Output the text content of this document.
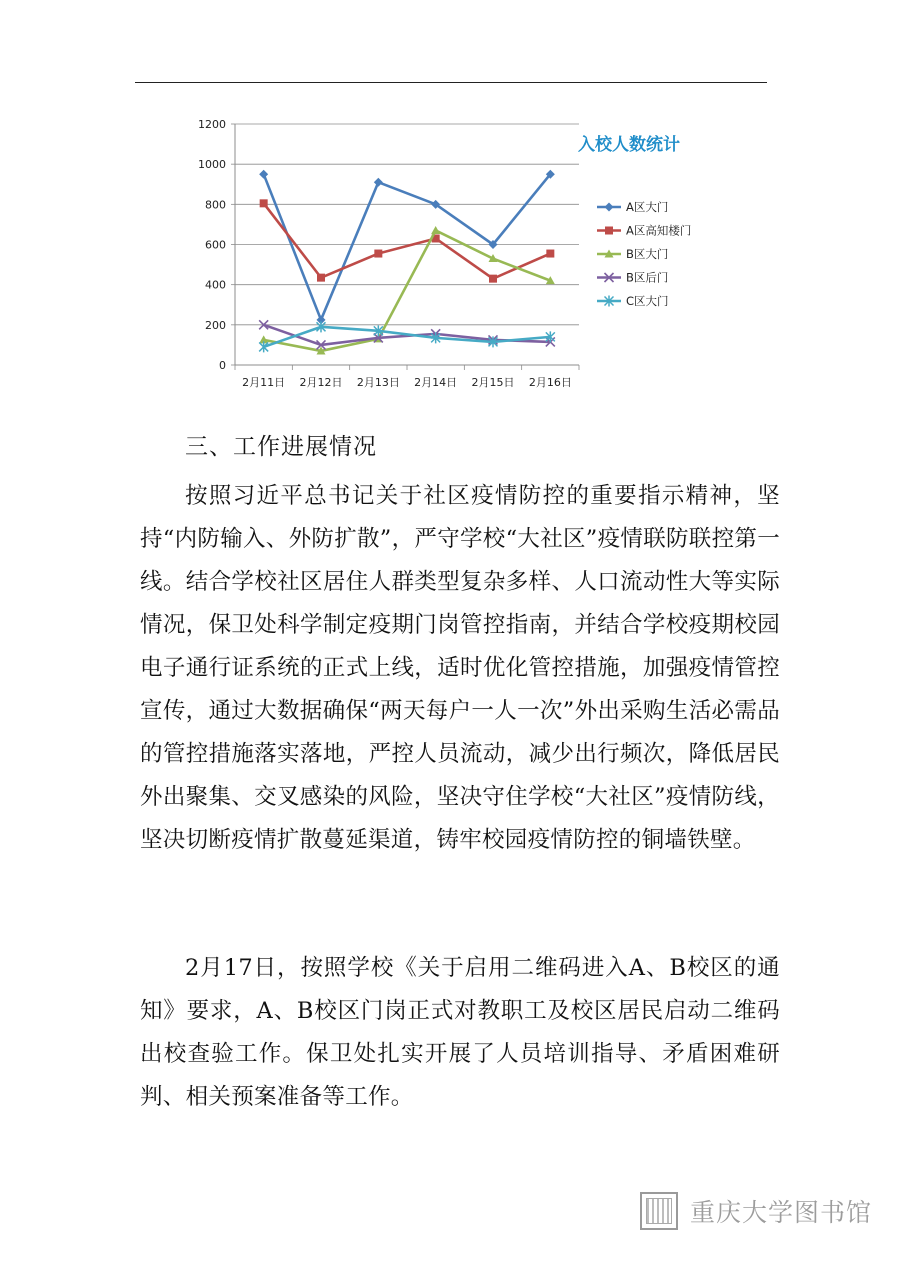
0
200
400
600
800
1000
1200
2月11日 2月12日 2月13日 2月14日 2月15日 2月16日
入校人数统计
A区大门
A区高知楼门
B区大门
B区后门
C区大门
三、工作进展情况

按照习近平总书记关于社区疫情防控的重要指示精神，坚持“内防输入、外防扩散”，严守学校“大社区”疫情联防联控第一线。结合学校社区居住人群类型复杂多样、人口流动性大等实际情况，保卫处科学制定疫期门岗管控指南，并结合学校疫期校园电子通行证系统的正式上线，适时优化管控措施，加强疫情管控宣传，通过大数据确保“两天每户一人一次”外出采购生活必需品的管控措施落实落地，严控人员流动，减少出行频次，降低居民外出聚集、交叉感染的风险，坚决守住学校“大社区”疫情防线，坚决切断疫情扩散蔓延渠道，铸牢校园疫情防控的铜墙铁壁。

2月17日，按照学校《关于启用二维码进入A、B校区的通知》要求，A、B校区门岗正式对教职工及校区居民启动二维码出校查验工作。保卫处扎实开展了人员培训指导、矛盾困难研判、相关预案准备等工作。

重庆大学图书馆
